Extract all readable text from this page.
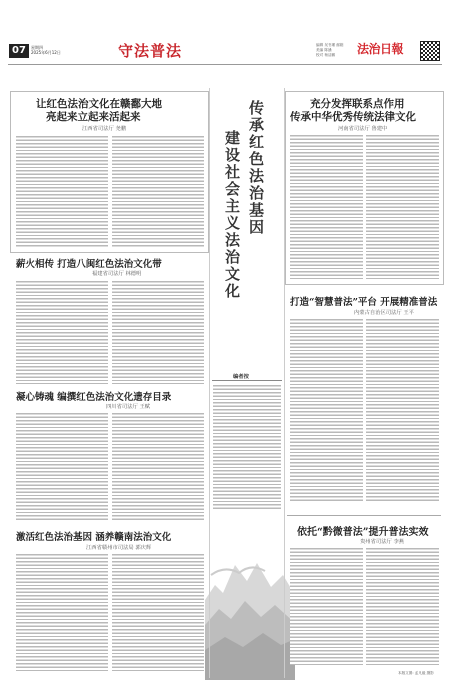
07	星期四
2025年6月12日	守法普法	编辑 吴书瑾 邮箱
美编 陈涵
校对 杨洁鹏	法治日報
让红色法治文化在赣鄱大地
亮起来立起来活起来
江西省司法厅 尧鹏
薪火相传 打造八闽红色法治文化带
福建省司法厅 林德明
凝心铸魂 编撰红色法治文化遗存目录
四川省司法厅 王赋
激活红色法治基因 涵养赣南法治文化
江西省赣州市司法局 郭庆辉
传承红色法治基因
建设社会主义法治文化
编者按
充分发挥联系点作用
传承中华优秀传统法律文化
河南省司法厅 鲁建中
打造“智慧普法”平台 开展精准普法
内蒙古自治区司法厅 王平
依托“黔微普法”提升普法实效
贵州省司法厅 李燕
本版文图: 孟凡毅 摄影
